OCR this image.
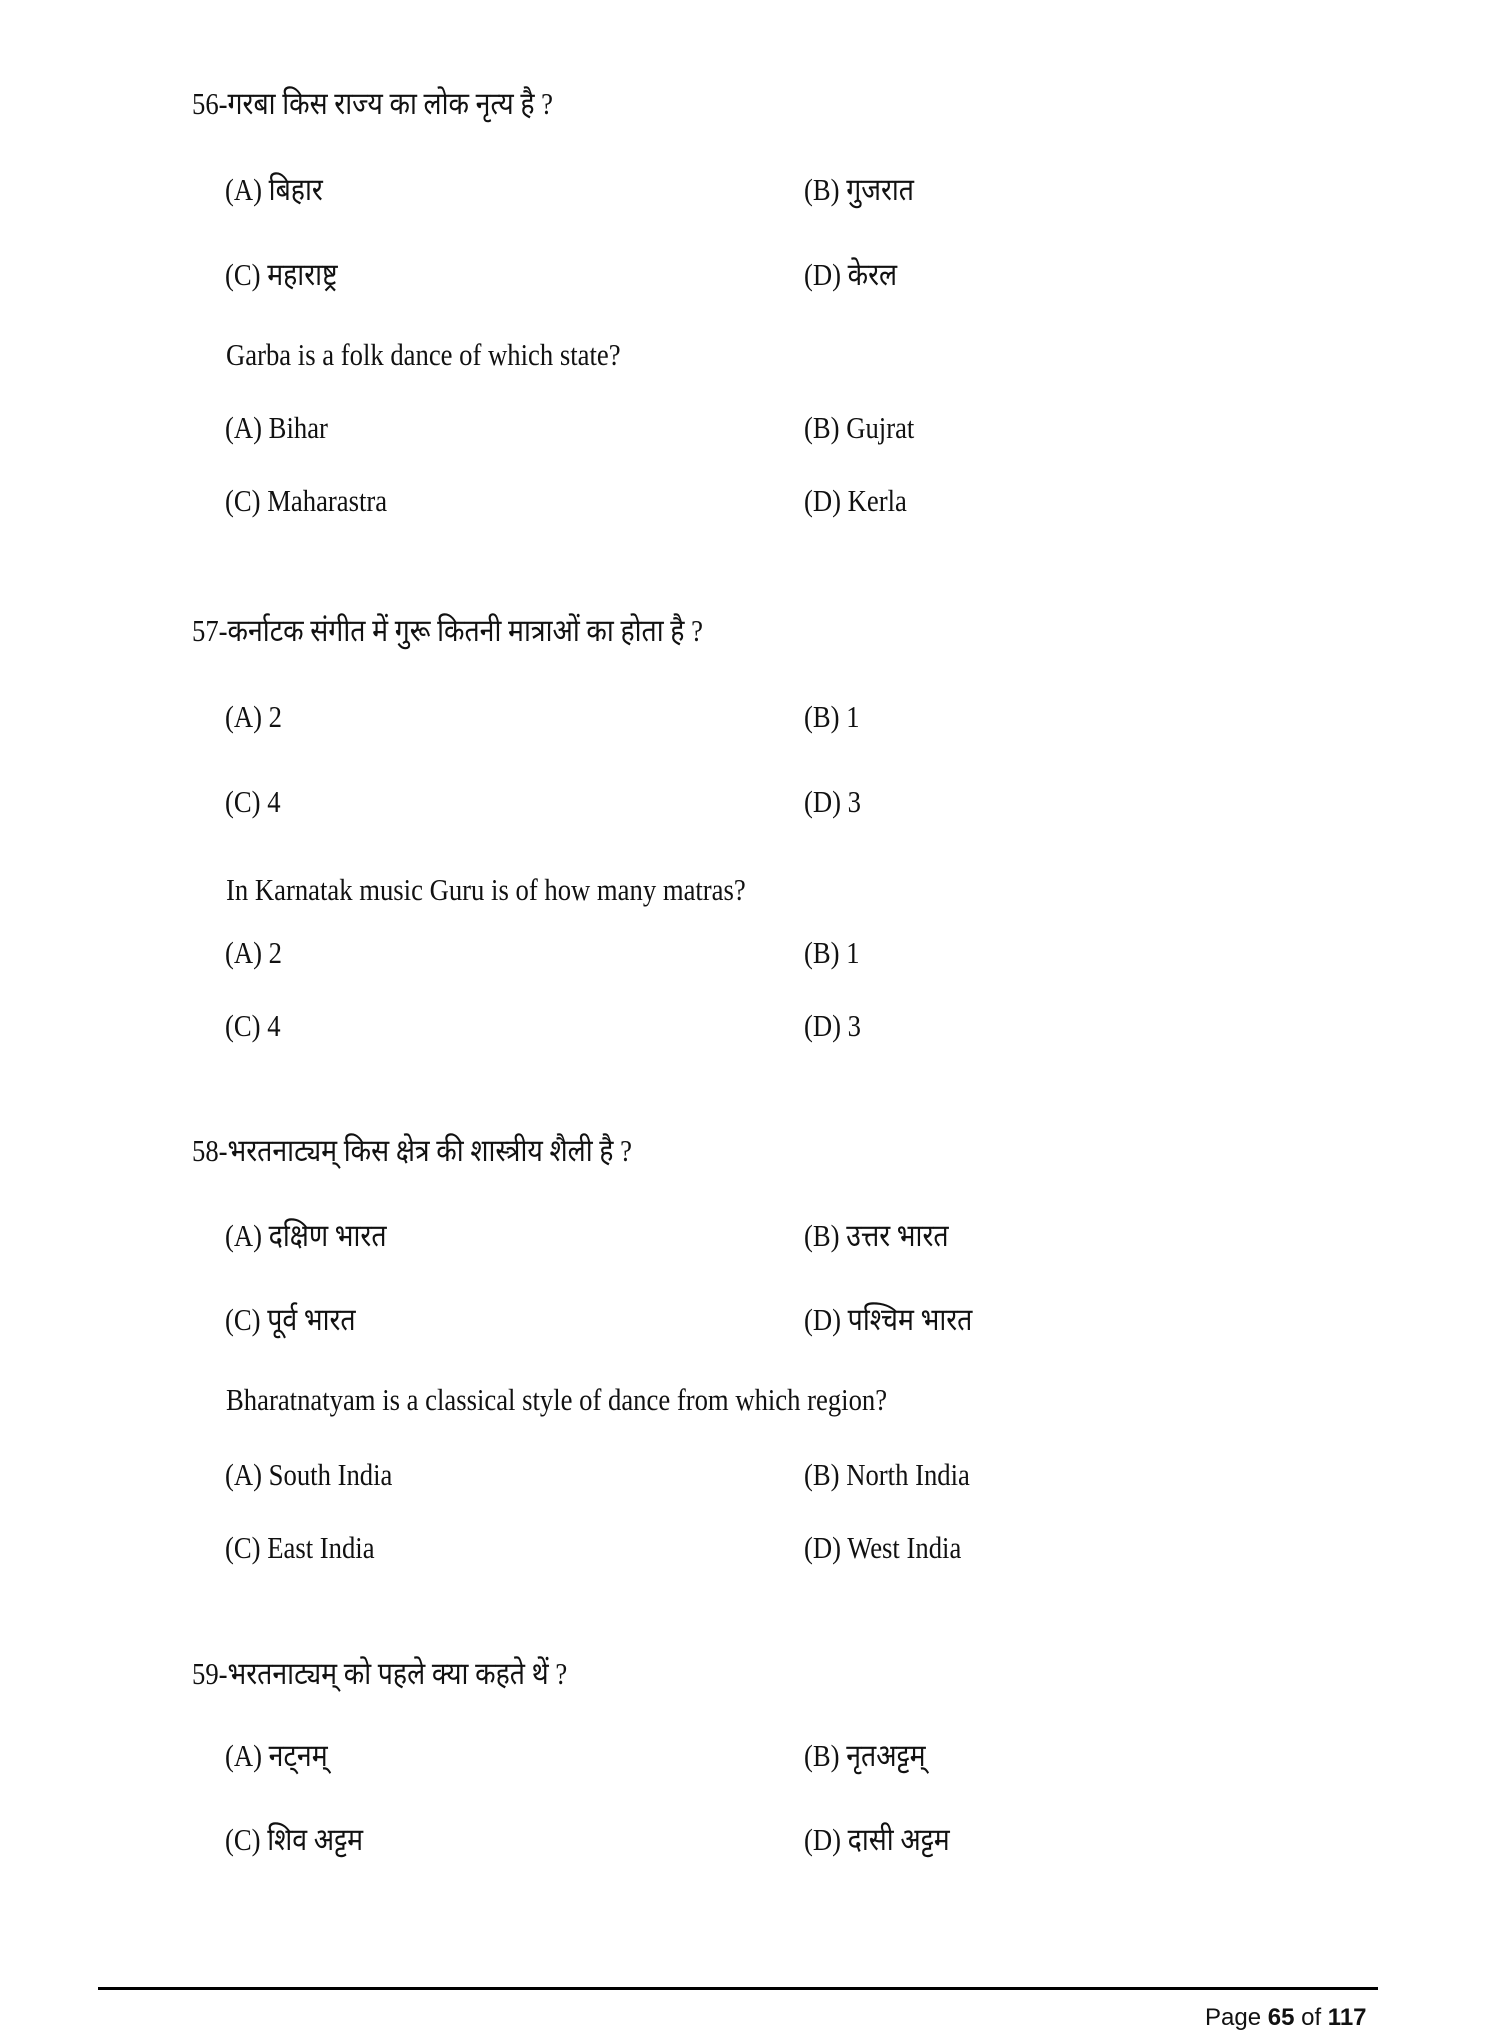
56-गरबा किस राज्य का लोक नृत्य है ?
(A) बिहार	(B) गुजरात
(C) महाराष्ट्र	(D) केरल
Garba is a folk dance of which state?
(A) Bihar	(B) Gujrat
(C) Maharastra	(D) Kerla
57-कर्नाटक संगीत में गुरू कितनी मात्राओं का होता है ?
(A) 2	(B) 1
(C) 4	(D) 3
In Karnatak music Guru is of how many matras?
(A) 2	(B) 1
(C) 4	(D) 3
58-भरतनाट्यम् किस क्षेत्र की शास्त्रीय शैली है ?
(A) दक्षिण भारत	(B) उत्तर भारत
(C) पूर्व भारत	(D) पश्चिम भारत
Bharatnatyam is a classical style of dance from which region?
(A) South India	(B) North India
(C) East India	(D) West India
59-भरतनाट्यम् को पहले क्या कहते थें ?
(A) नट्नम्	(B) नृतअट्टम्
(C) शिव अट्टम	(D) दासी अट्टम
Page 65 of 117
